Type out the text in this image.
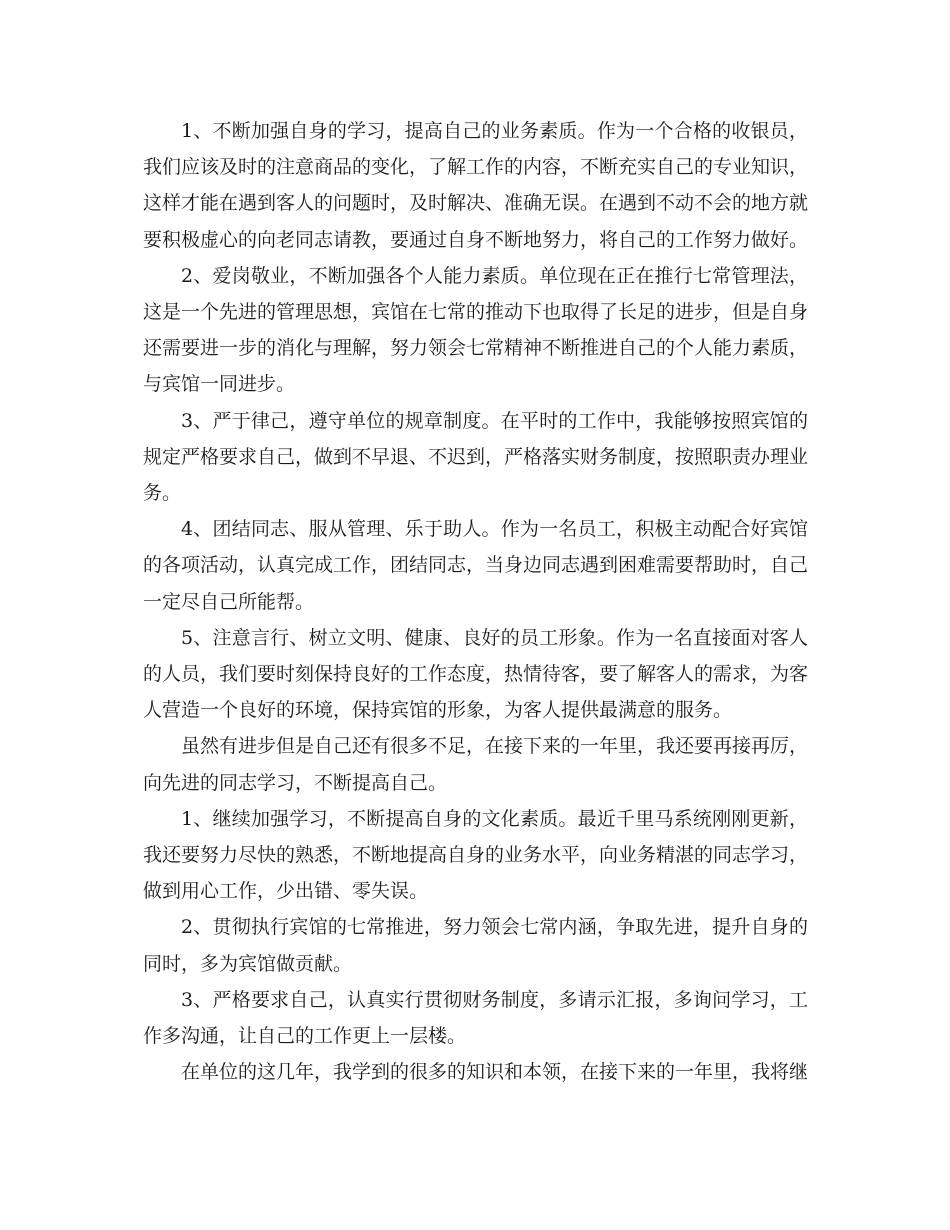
1、不断加强自身的学习，提高自己的业务素质。作为一个合格的收银员，我们应该及时的注意商品的变化，了解工作的内容，不断充实自己的专业知识，这样才能在遇到客人的问题时，及时解决、准确无误。在遇到不动不会的地方就要积极虚心的向老同志请教，要通过自身不断地努力，将自己的工作努力做好。

2、爱岗敬业，不断加强各个人能力素质。单位现在正在推行七常管理法，这是一个先进的管理思想，宾馆在七常的推动下也取得了长足的进步，但是自身还需要进一步的消化与理解，努力领会七常精神不断推进自己的个人能力素质，与宾馆一同进步。

3、严于律己，遵守单位的规章制度。在平时的工作中，我能够按照宾馆的规定严格要求自己，做到不早退、不迟到，严格落实财务制度，按照职责办理业务。

4、团结同志、服从管理、乐于助人。作为一名员工，积极主动配合好宾馆的各项活动，认真完成工作，团结同志，当身边同志遇到困难需要帮助时，自己一定尽自己所能帮。

5、注意言行、树立文明、健康、良好的员工形象。作为一名直接面对客人的人员，我们要时刻保持良好的工作态度，热情待客，要了解客人的需求，为客人营造一个良好的环境，保持宾馆的形象，为客人提供最满意的服务。

虽然有进步但是自己还有很多不足，在接下来的一年里，我还要再接再厉，向先进的同志学习，不断提高自己。

1、继续加强学习，不断提高自身的文化素质。最近千里马系统刚刚更新，我还要努力尽快的熟悉，不断地提高自身的业务水平，向业务精湛的同志学习，做到用心工作，少出错、零失误。

2、贯彻执行宾馆的七常推进，努力领会七常内涵，争取先进，提升自身的同时，多为宾馆做贡献。

3、严格要求自己，认真实行贯彻财务制度，多请示汇报，多询问学习，工作多沟通，让自己的工作更上一层楼。

在单位的这几年，我学到的很多的知识和本领，在接下来的一年里，我将继
